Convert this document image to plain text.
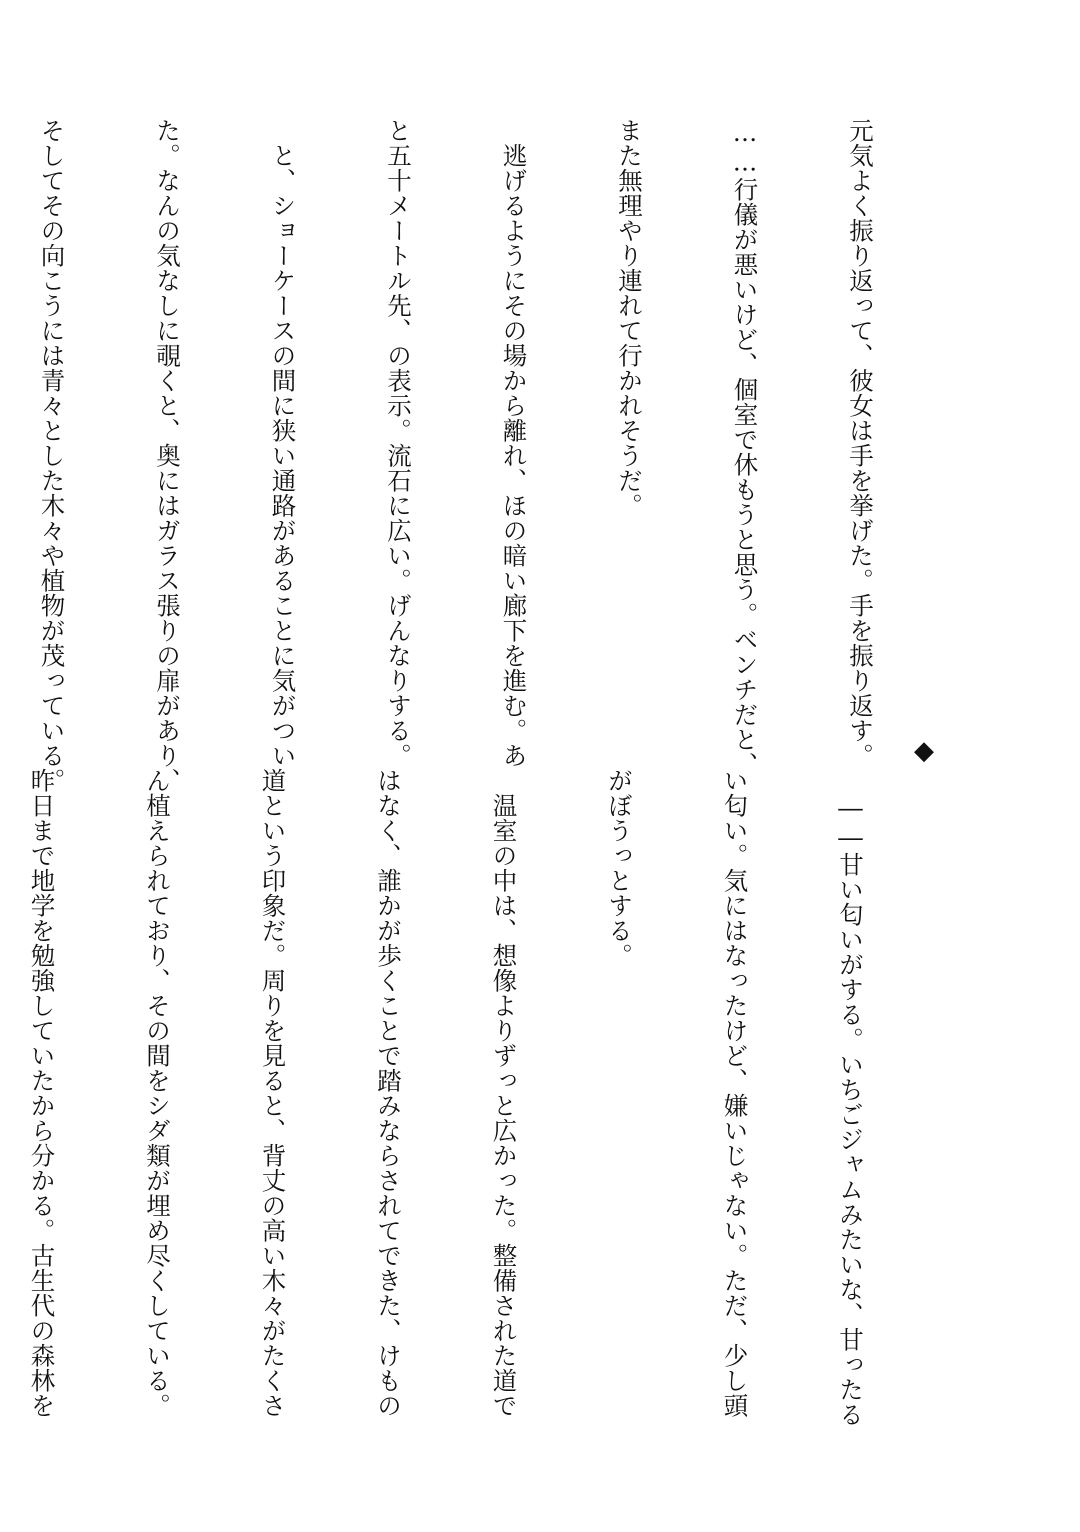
元気よく振り返って、彼女は手を挙げた。手を振り返す。

……行儀が悪いけど、個室で休もうと思う。ベンチだと、

また無理やり連れて行かれそうだ。

　逃げるようにその場から離れ、ほの暗い廊下を進む。あ

と五十メートル先、の表示。流石に広い。げんなりする。

　と、ショーケースの間に狭い通路があることに気がつい

た。なんの気なしに覗くと、奥にはガラス張りの扉があり、

そしてその向こうには青々とした木々や植物が茂っている。

	◆

　――甘い匂いがする。いちごジャムみたいな、甘ったる

い匂い。気にはなったけど、嫌いじゃない。ただ、少し頭

がぼうっとする。

　温室の中は、想像よりずっと広かった。整備された道で

はなく、誰かが歩くことで踏みならされてできた、けもの

道という印象だ。周りを見ると、背丈の高い木々がたくさ

ん植えられており、その間をシダ類が埋め尽くしている。

昨日まで地学を勉強していたから分かる。古生代の森林を
